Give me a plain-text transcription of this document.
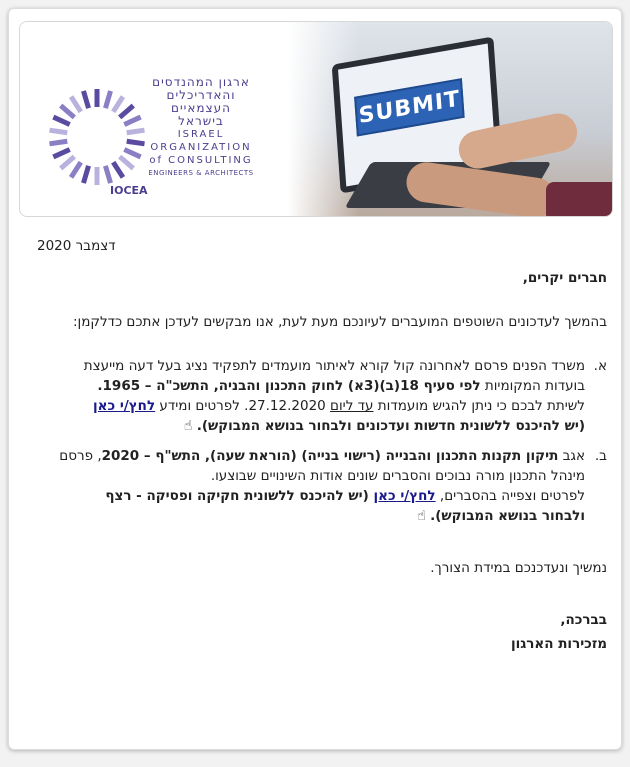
SUBMIT
ארגון המהנדסים
והאדריכלים
העצמאיים
בישראל
ISRAEL
ORGANIZATION
of CONSULTING
ENGINEERS & ARCHITECTS
IOCEA
דצמבר 2020
חברים יקרים,
בהמשך לעדכונים השוטפים המועברים לעיונכם מעת לעת, אנו מבקשים לעדכן אתכם כדלקמן:
א.
משרד הפנים פרסם לאחרונה קול קורא לאיתור מועמדים לתפקיד נציג בעל דעה מייעצת
בועדות המקומיות לפי סעיף 18(ב)(3א) לחוק התכנון והבניה, התשכ"ה – 1965.
לשיתת לבכם כי ניתן להגיש מועמדות עד ליום 27.12.2020. לפרטים ומידע לחץ/י כאן
(יש להיכנס ללשונית חדשות ועדכונים ולבחור בנושא המבוקש). ☝
ב.
אגב תיקון תקנות התכנון והבנייה (רישוי בנייה) (הוראת שעה), התש"ף – 2020, פרסם
מינהל התכנון מורה נבוכים והסברים שונים אודות השינויים שבוצעו.
לפרטים וצפייה בהסברים, לחץ/י כאן (יש להיכנס ללשונית חקיקה ופסיקה - רצף
ולבחור בנושא המבוקש). ☝
נמשיך ונעדכנכם במידת הצורך.
בברכה,
מזכירות הארגון
